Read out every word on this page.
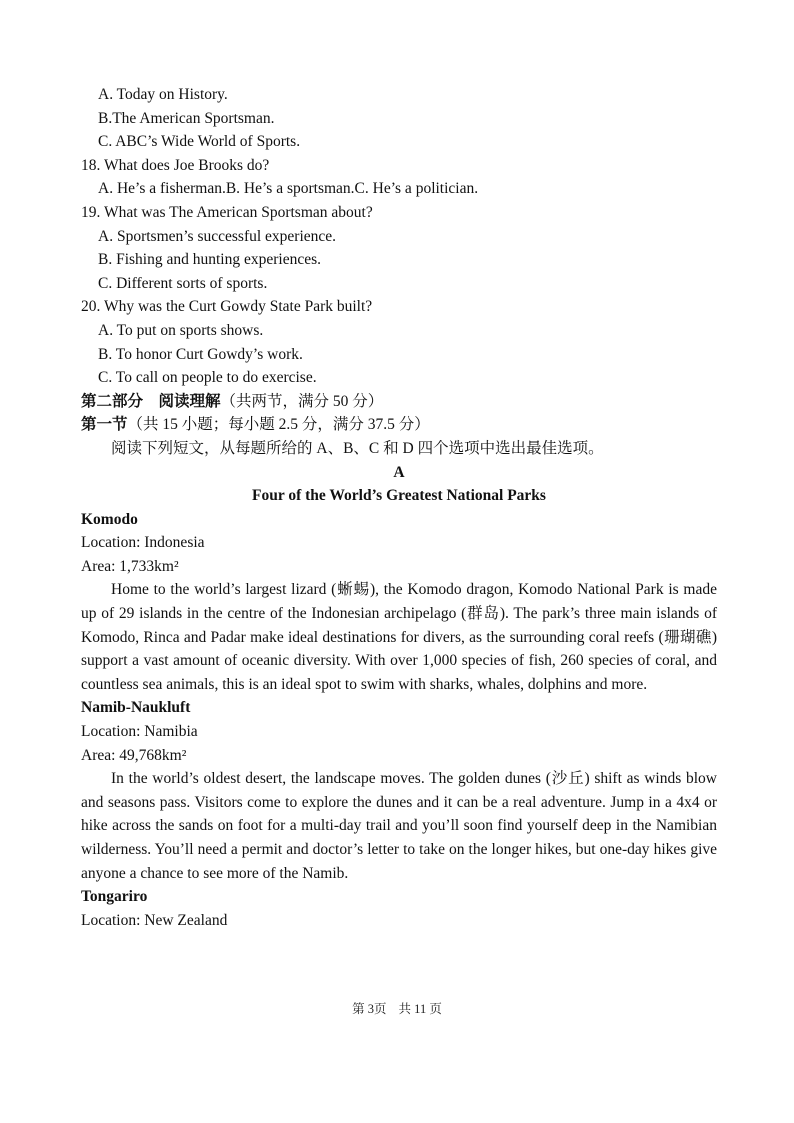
A. Today on History.
B.The American Sportsman.
C. ABC’s Wide World of Sports.
18. What does Joe Brooks do?
A. He’s a fisherman.B. He’s a sportsman.C. He’s a politician.
19. What was The American Sportsman about?
A. Sportsmen’s successful experience.
B. Fishing and hunting experiences.
C. Different sorts of sports.
20. Why was the Curt Gowdy State Park built?
A. To put on sports shows.
B. To honor Curt Gowdy’s work.
C. To call on people to do exercise.
第二部分　阅读理解（共两节，满分 50 分）
第一节（共 15 小题；每小题 2.5 分，满分 37.5 分）
阅读下列短文，从每题所给的 A、B、C 和 D 四个选项中选出最佳选项。
A
Four of the World’s Greatest National Parks
Komodo
Location: Indonesia
Area: 1,733km²
Home to the world’s largest lizard (蜥蜴), the Komodo dragon, Komodo National Park is made up of 29 islands in the centre of the Indonesian archipelago (群岛). The park’s three main islands of Komodo, Rinca and Padar make ideal destinations for divers, as the surrounding coral reefs (珊瑚礁) support a vast amount of oceanic diversity. With over 1,000 species of fish, 260 species of coral, and countless sea animals, this is an ideal spot to swim with sharks, whales, dolphins and more.
Namib-Naukluft
Location: Namibia
Area: 49,768km²
In the world’s oldest desert, the landscape moves. The golden dunes (沙丘) shift as winds blow and seasons pass. Visitors come to explore the dunes and it can be a real adventure. Jump in a 4x4 or hike across the sands on foot for a multi-day trail and you’ll soon find yourself deep in the Namibian wilderness. You’ll need a permit and doctor’s letter to take on the longer hikes, but one-day hikes give anyone a chance to see more of the Namib.
Tongariro
Location: New Zealand
第 3页 共 11 页
